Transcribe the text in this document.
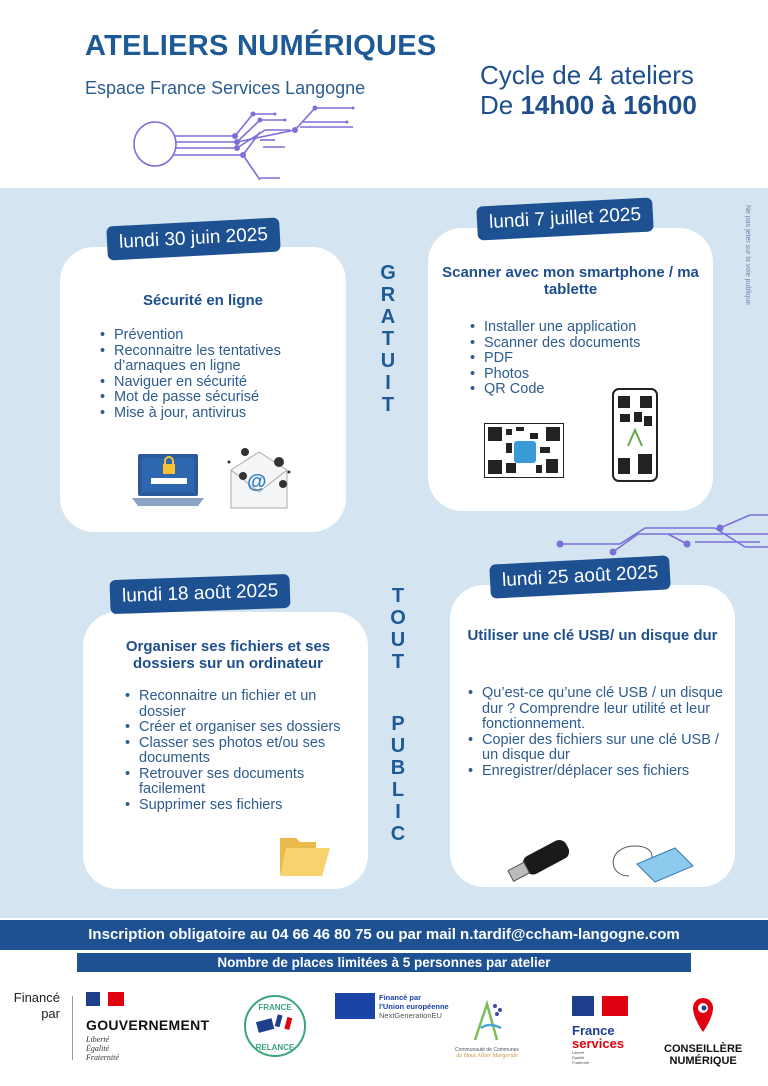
ATELIERS NUMÉRIQUES
Espace France Services Langogne	Cycle de 4 ateliers
De 14h00 à 16h00
Ne pas jeter sur la voie publique
G
R
A
T
U
I
T
T
O
U
T
P
U
B
L
I
C
Sécurité en ligne
• Prévention
• Reconnaitre les tentatives d’arnaques en ligne
• Naviguer en sécurité
• Mot de passe sécurisé
• Mise à jour, antivirus
@
lundi 30 juin 2025
Scanner avec mon smartphone / ma tablette
• Installer une application
• Scanner des documents
• PDF
• Photos
• QR Code
lundi 7 juillet 2025
Organiser ses fichiers et ses dossiers sur un ordinateur
• Reconnaitre un fichier et un dossier
• Créer et organiser ses dossiers
• Classer ses photos et/ou ses documents
• Retrouver ses documents facilement
• Supprimer ses fichiers
lundi 18 août 2025
Utiliser une clé USB/ un disque dur
• Qu’est-ce qu’une clé USB / un disque dur ? Comprendre leur utilité et leur fonctionnement.
• Copier des fichiers sur une clé USB / un disque dur
• Enregistrer/déplacer ses fichiers
lundi 25 août 2025
Inscription obligatoire au 04 66 46 80 75 ou par mail n.tardif@ccham-langogne.com
Nombre de places limitées à 5 personnes par atelier
Financé
par
GOUVERNEMENT
Liberté
Égalité
Fraternité
FRANCE
RELANCE
Financé par
l'Union européenne
NextGenerationEU
Communauté de Communes
du Haut Allier Margeride
France
services
Liberté
Égalité
Fraternité
CONSEILLÈRE
NUMÉRIQUE
